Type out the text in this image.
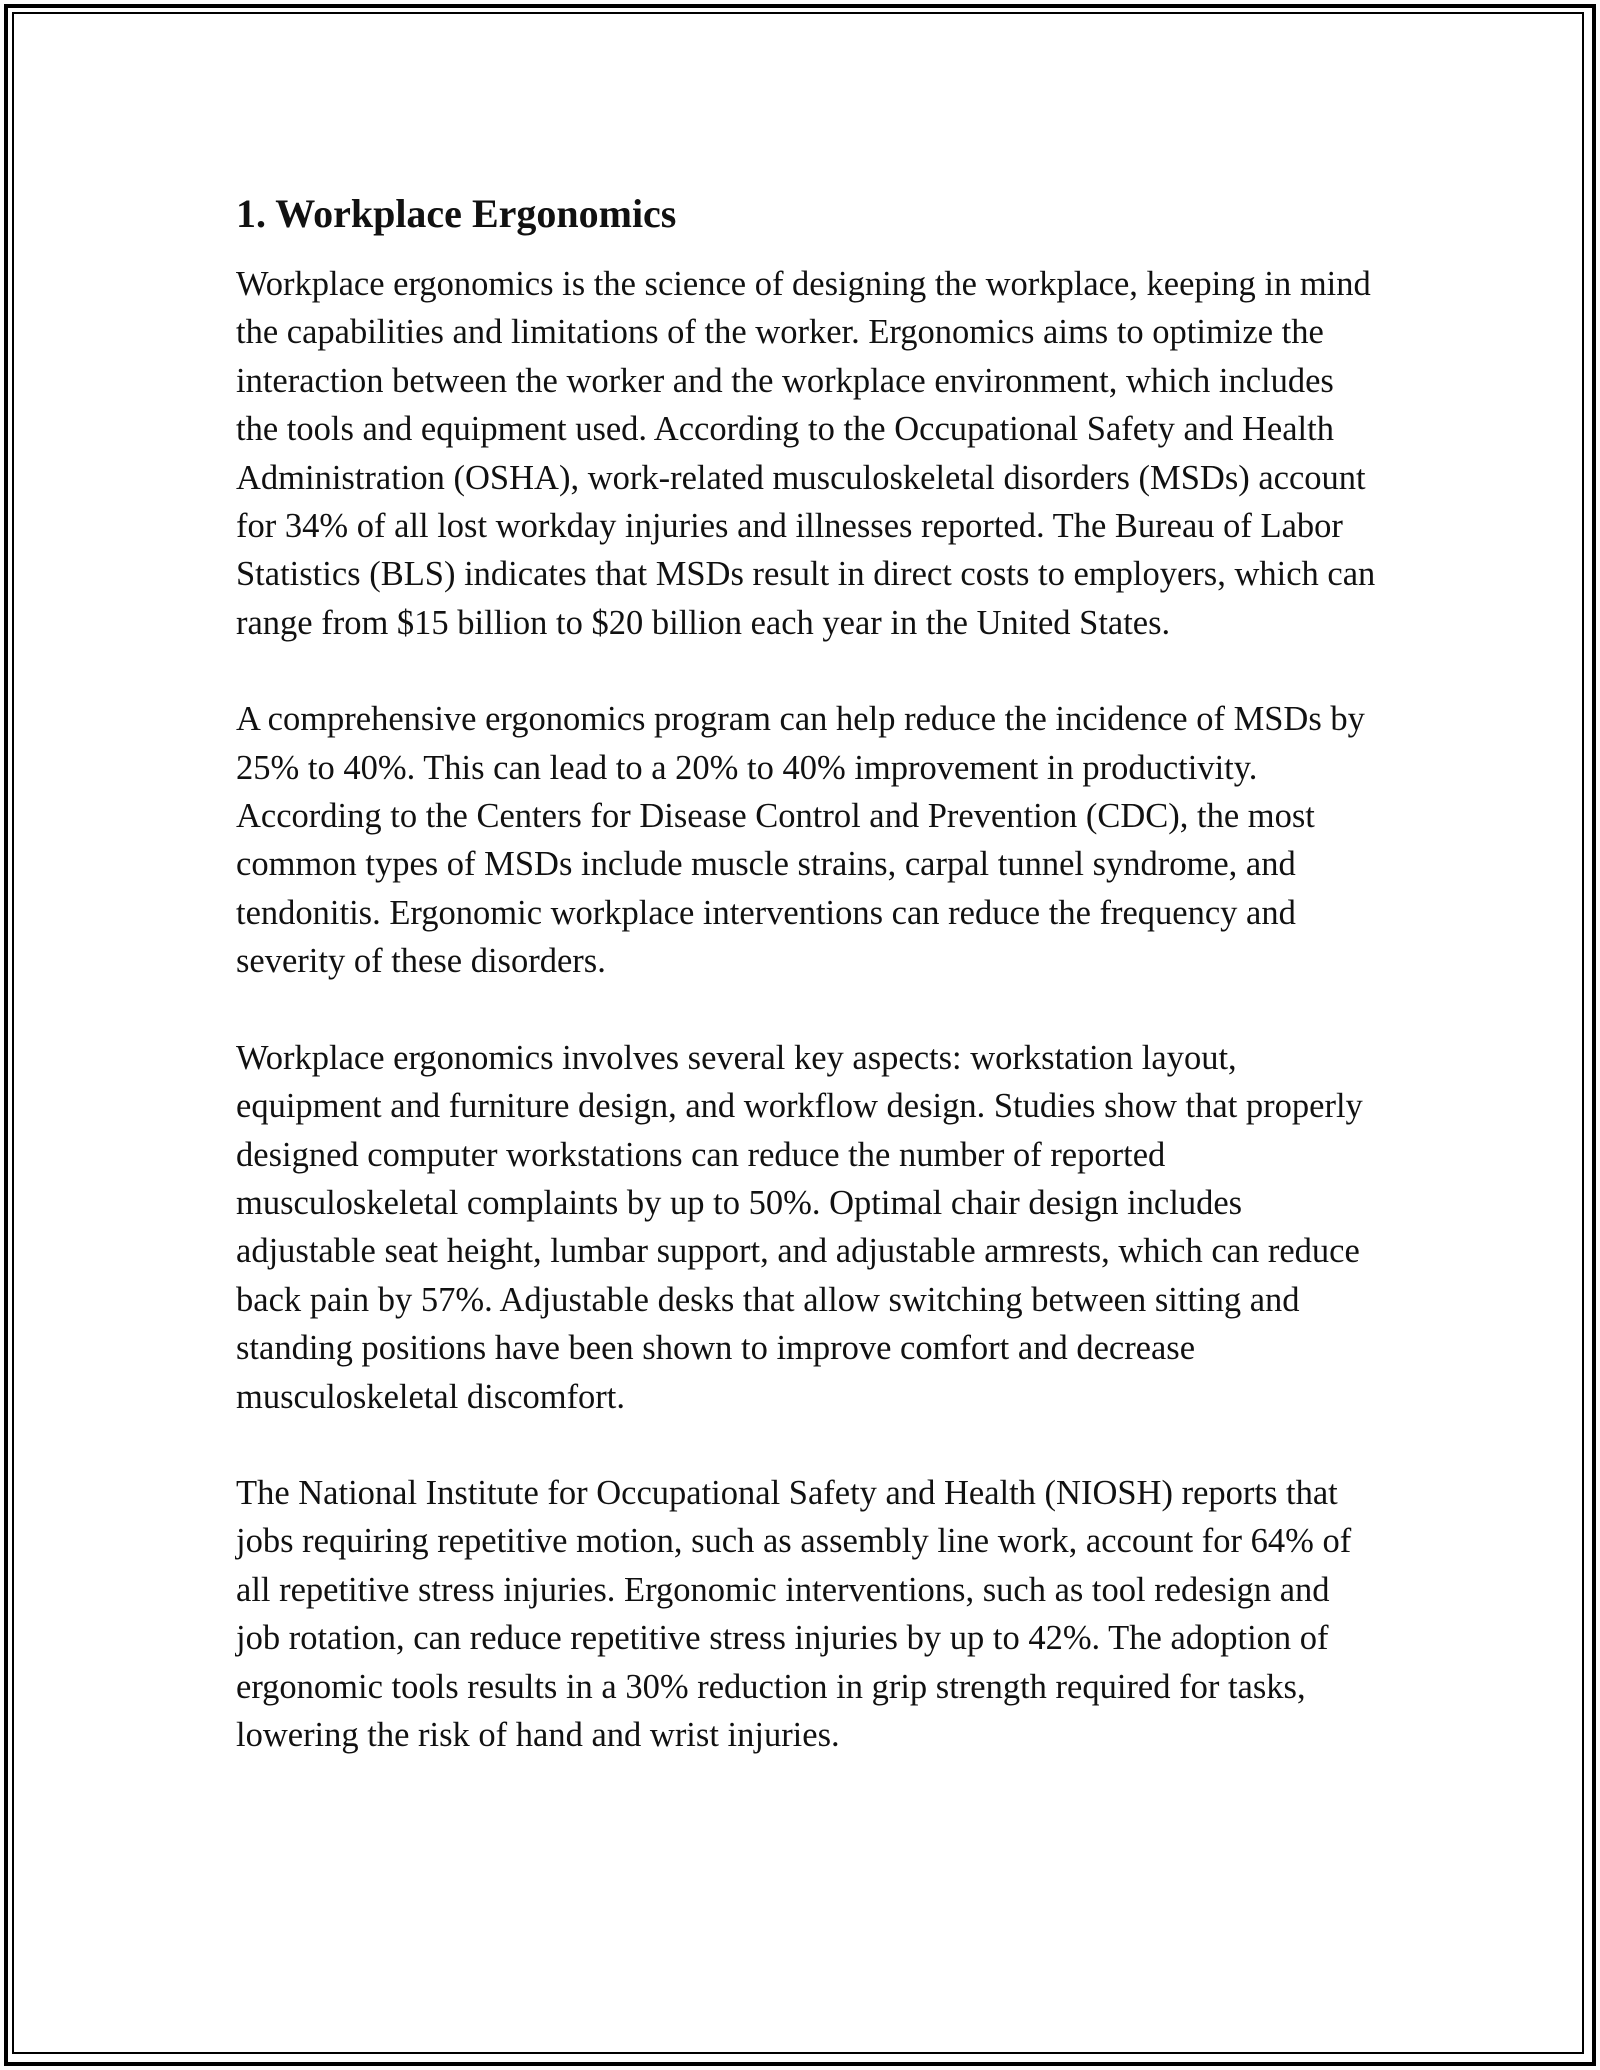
1. Workplace Ergonomics

Workplace ergonomics is the science of designing the workplace, keeping in mind the capabilities and limitations of the worker. Ergonomics aims to optimize the interaction between the worker and the workplace environment, which includes the tools and equipment used. According to the Occupational Safety and Health Administration (OSHA), work-related musculoskeletal disorders (MSDs) account for 34% of all lost workday injuries and illnesses reported. The Bureau of Labor Statistics (BLS) indicates that MSDs result in direct costs to employers, which can range from $15 billion to $20 billion each year in the United States.

A comprehensive ergonomics program can help reduce the incidence of MSDs by 25% to 40%. This can lead to a 20% to 40% improvement in productivity. According to the Centers for Disease Control and Prevention (CDC), the most common types of MSDs include muscle strains, carpal tunnel syndrome, and tendonitis. Ergonomic workplace interventions can reduce the frequency and severity of these disorders.

Workplace ergonomics involves several key aspects: workstation layout, equipment and furniture design, and workflow design. Studies show that properly designed computer workstations can reduce the number of reported musculoskeletal complaints by up to 50%. Optimal chair design includes adjustable seat height, lumbar support, and adjustable armrests, which can reduce back pain by 57%. Adjustable desks that allow switching between sitting and standing positions have been shown to improve comfort and decrease musculoskeletal discomfort.

The National Institute for Occupational Safety and Health (NIOSH) reports that jobs requiring repetitive motion, such as assembly line work, account for 64% of all repetitive stress injuries. Ergonomic interventions, such as tool redesign and job rotation, can reduce repetitive stress injuries by up to 42%. The adoption of ergonomic tools results in a 30% reduction in grip strength required for tasks, lowering the risk of hand and wrist injuries.
